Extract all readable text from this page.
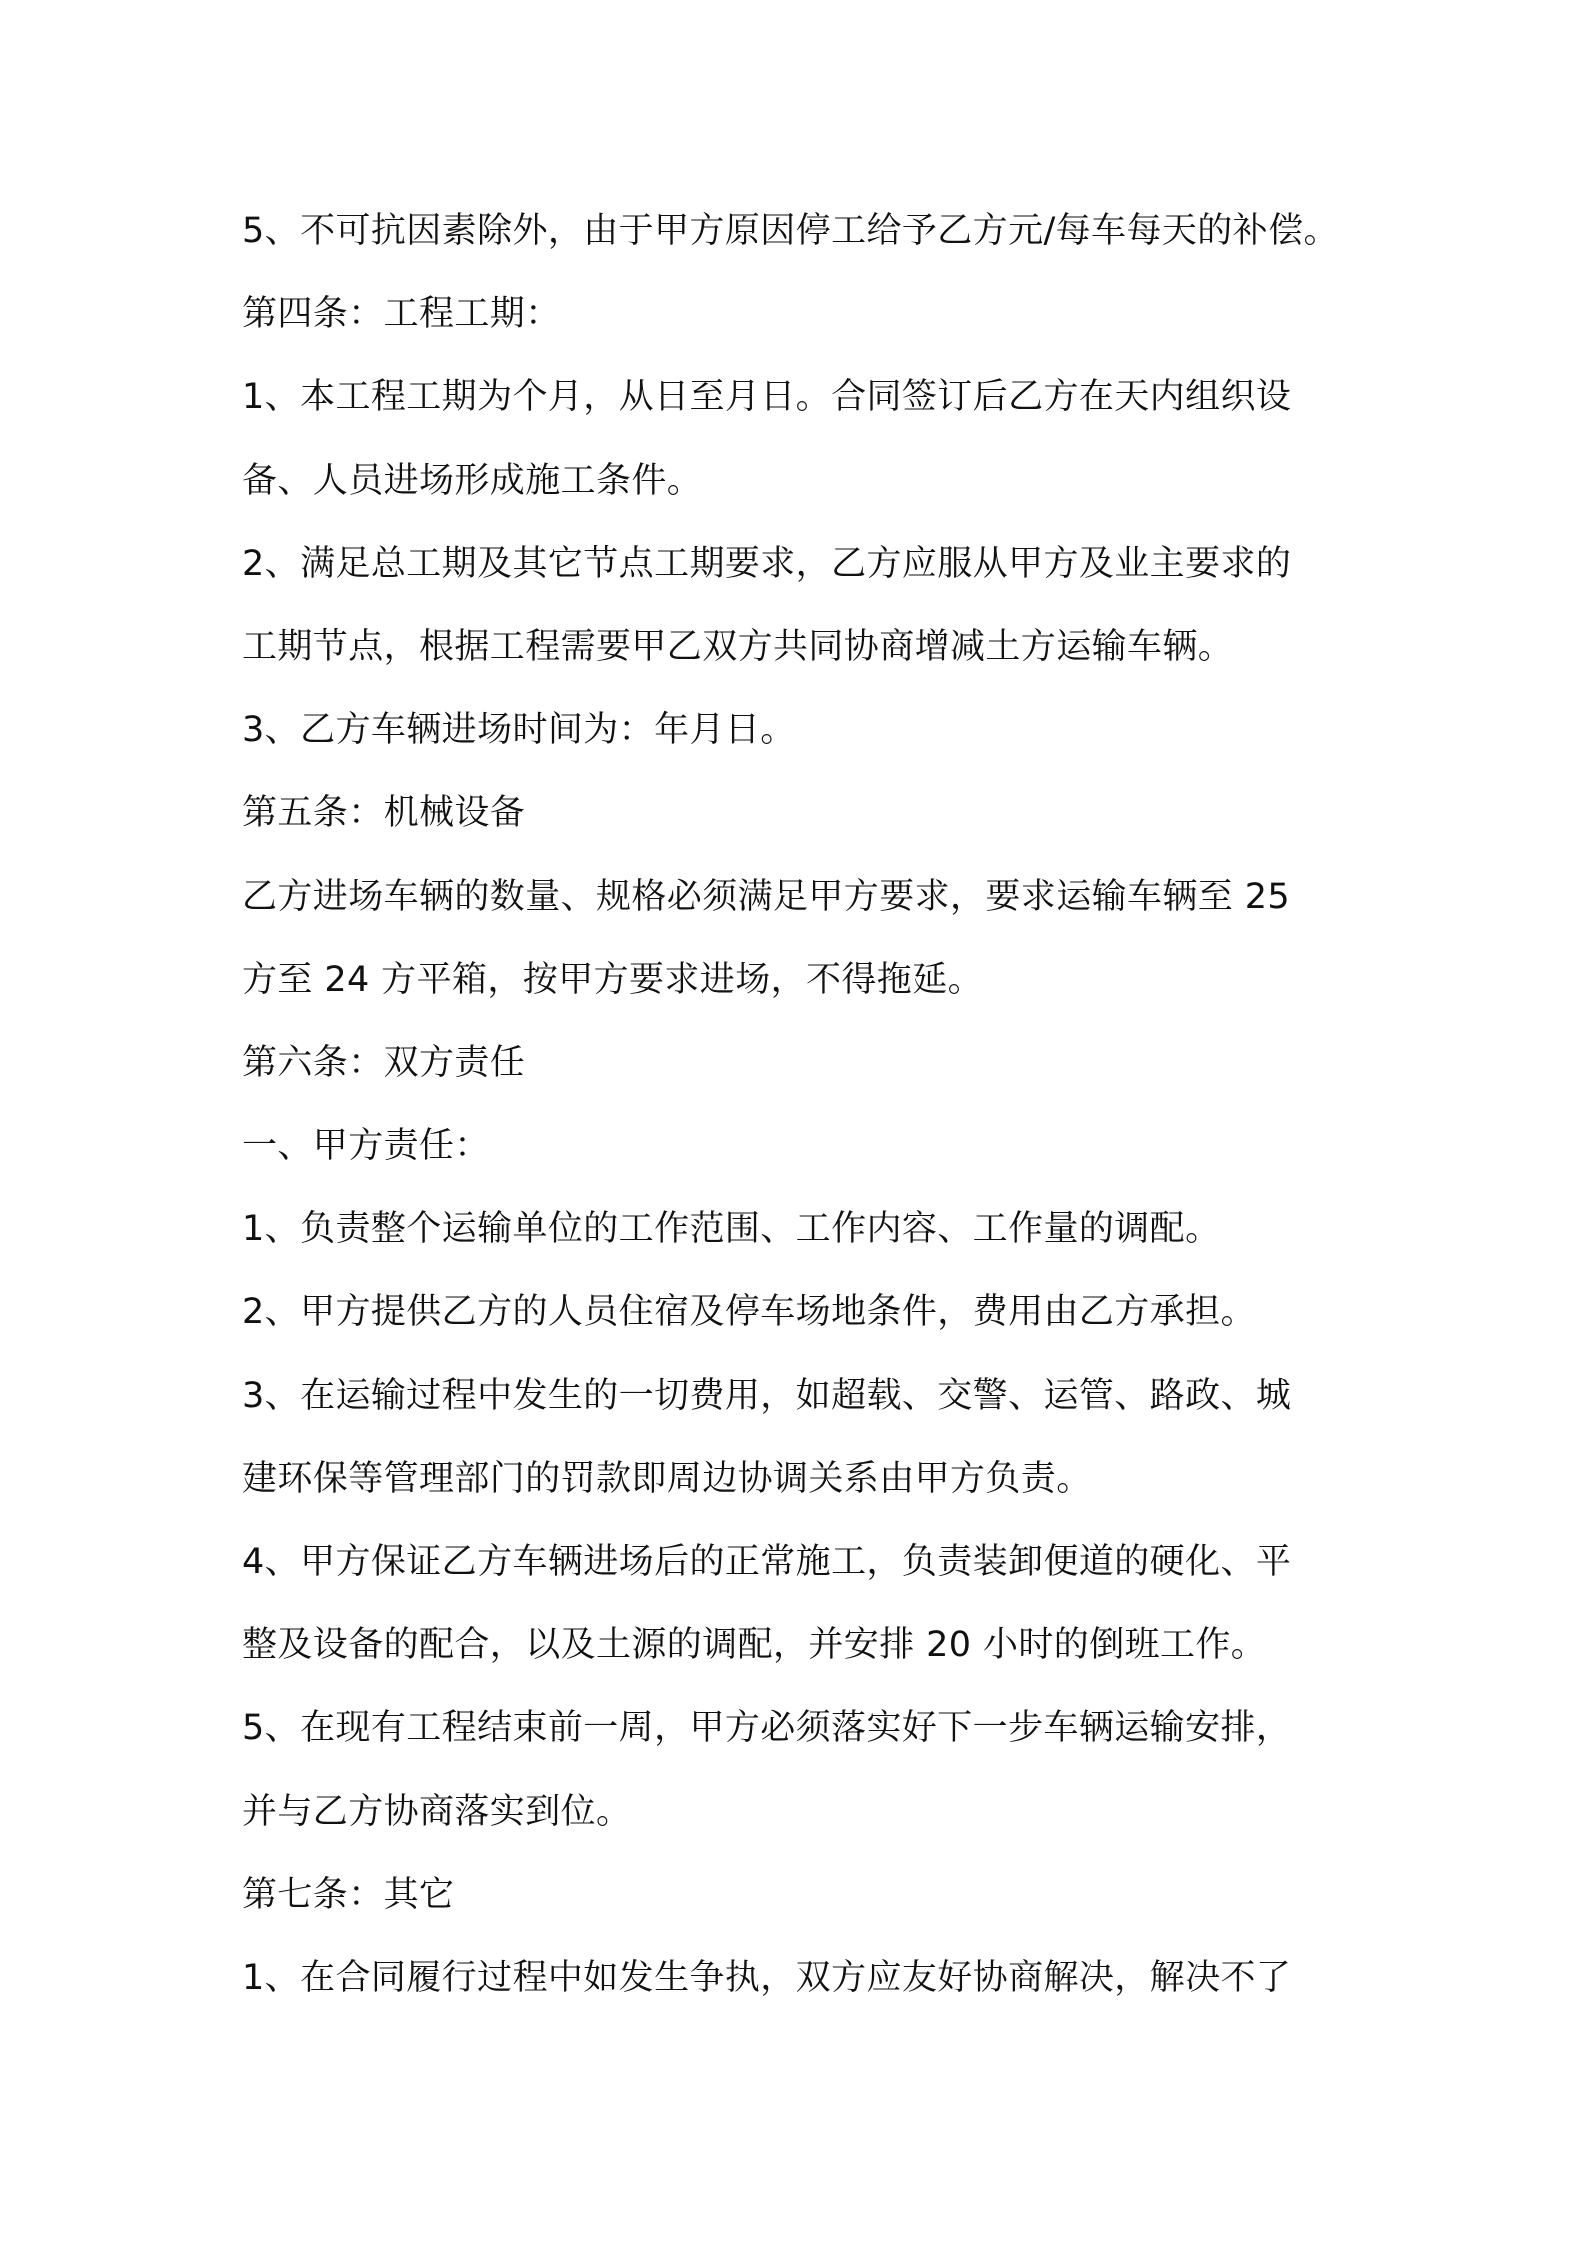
5、不可抗因素除外，由于甲方原因停工给予乙方元/每车每天的补偿。
第四条：工程工期：
1、本工程工期为个月，从日至月日。合同签订后乙方在天内组织设
备、人员进场形成施工条件。
2、满足总工期及其它节点工期要求，乙方应服从甲方及业主要求的
工期节点，根据工程需要甲乙双方共同协商增减土方运输车辆。
3、乙方车辆进场时间为：年月日。
第五条：机械设备
乙方进场车辆的数量、规格必须满足甲方要求，要求运输车辆至 25
方至 24 方平箱，按甲方要求进场，不得拖延。
第六条：双方责任
一、甲方责任：
1、负责整个运输单位的工作范围、工作内容、工作量的调配。
2、甲方提供乙方的人员住宿及停车场地条件，费用由乙方承担。
3、在运输过程中发生的一切费用，如超载、交警、运管、路政、城
建环保等管理部门的罚款即周边协调关系由甲方负责。
4、甲方保证乙方车辆进场后的正常施工，负责装卸便道的硬化、平
整及设备的配合，以及土源的调配，并安排 20 小时的倒班工作。
5、在现有工程结束前一周，甲方必须落实好下一步车辆运输安排，
并与乙方协商落实到位。
第七条：其它
1、在合同履行过程中如发生争执，双方应友好协商解决，解决不了
